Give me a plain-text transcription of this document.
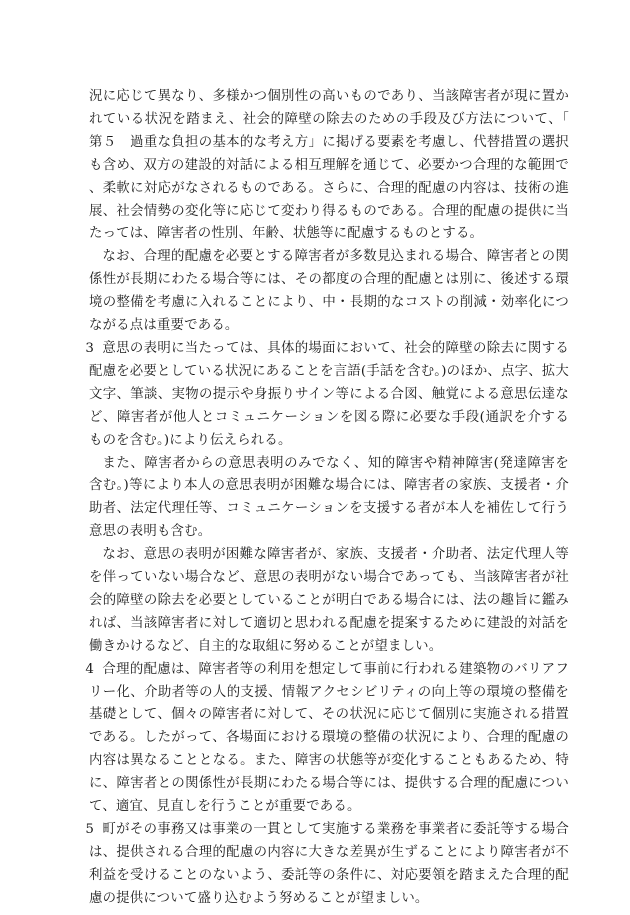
況に応じて異なり、多様かつ個別性の高いものであり、当該障害者が現に置かれている状況を踏まえ、社会的障壁の除去のための手段及び方法について、「第５　過重な負担の基本的な考え方」に掲げる要素を考慮し、代替措置の選択も含め、双方の建設的対話による相互理解を通じて、必要かつ合理的な範囲で、柔軟に対応がなされるものである。さらに、合理的配慮の内容は、技術の進展、社会情勢の変化等に応じて変わり得るものである。合理的配慮の提供に当たっては、障害者の性別、年齢、状態等に配慮するものとする。

なお、合理的配慮を必要とする障害者が多数見込まれる場合、障害者との関係性が長期にわたる場合等には、その都度の合理的配慮とは別に、後述する環境の整備を考慮に入れることにより、中・長期的なコストの削減・効率化につながる点は重要である。

3 意思の表明に当たっては、具体的場面において、社会的障壁の除去に関する配慮を必要としている状況にあることを言語(手話を含む。)のほか、点字、拡大文字、筆談、実物の提示や身振りサイン等による合図、触覚による意思伝達など、障害者が他人とコミュニケーションを図る際に必要な手段(通訳を介するものを含む。)により伝えられる。

また、障害者からの意思表明のみでなく、知的障害や精神障害(発達障害を含む。)等により本人の意思表明が困難な場合には、障害者の家族、支援者・介助者、法定代理任等、コミュニケーションを支援する者が本人を補佐して行う意思の表明も含む。

なお、意思の表明が困難な障害者が、家族、支援者・介助者、法定代理人等を伴っていない場合など、意思の表明がない場合であっても、当該障害者が社会的障壁の除去を必要としていることが明白である場合には、法の趣旨に鑑みれば、当該障害者に対して適切と思われる配慮を提案するために建設的対話を働きかけるなど、自主的な取組に努めることが望ましい。

4 合理的配慮は、障害者等の利用を想定して事前に行われる建築物のバリアフリー化、介助者等の人的支援、情報アクセシビリティの向上等の環境の整備を基礎として、個々の障害者に対して、その状況に応じて個別に実施される措置である。したがって、各場面における環境の整備の状況により、合理的配慮の内容は異なることとなる。また、障害の状態等が変化することもあるため、特に、障害者との関係性が長期にわたる場合等には、提供する合理的配慮について、適宜、見直しを行うことが重要である。

5 町がその事務又は事業の一貫として実施する業務を事業者に委託等する場合は、提供される合理的配慮の内容に大きな差異が生ずることにより障害者が不利益を受けることのないよう、委託等の条件に、対応要領を踏まえた合理的配慮の提供について盛り込むよう努めることが望ましい。
